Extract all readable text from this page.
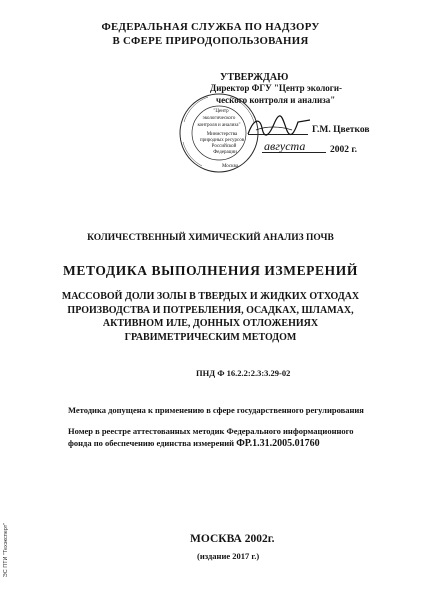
ФЕДЕРАЛЬНАЯ СЛУЖБА ПО НАДЗОРУ
В СФЕРЕ ПРИРОДОПОЛЬЗОВАНИЯ
УТВЕРЖДАЮ
Директор ФГУ "Центр экологи-
ческого контроля и анализа"
Г.М. Цветков
2002 г.
"Центр
экологического
контроля и анализа"
Министерства
природных ресурсов
Российской
Федерации
Москва
августа
КОЛИЧЕСТВЕННЫЙ ХИМИЧЕСКИЙ АНАЛИЗ ПОЧВ
МЕТОДИКА ВЫПОЛНЕНИЯ ИЗМЕРЕНИЙ
МАССОВОЙ ДОЛИ ЗОЛЫ В ТВЕРДЫХ И ЖИДКИХ ОТХОДАХ
ПРОИЗВОДСТВА И ПОТРЕБЛЕНИЯ, ОСАДКАХ, ШЛАМАХ,
АКТИВНОМ ИЛЕ, ДОННЫХ ОТЛОЖЕНИЯХ
ГРАВИМЕТРИЧЕСКИМ МЕТОДОМ
ПНД Ф 16.2.2:2.3:3.29-02
Методика допущена к применению в сфере государственного регулирования
Номер в реестре аттестованных методик Федерального информационного
фонда по обеспечению единства измерений ФР.1.31.2005.01760
МОСКВА 2002г.
(издание 2017 г.)
ЭС ПТИ "Техэксперт"
